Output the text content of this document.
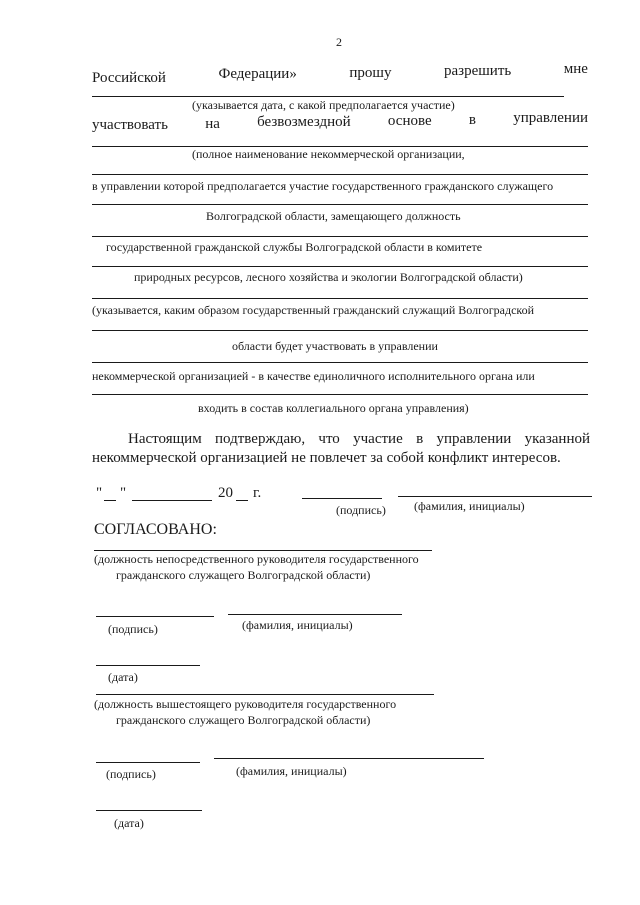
2
Российской	Федерации»	прошу	разрешить	мне
(указывается дата, с какой предполагается участие)
участвовать на безвозмездной основе в управлении
(полное наименование некоммерческой организации,
в управлении которой предполагается участие государственного гражданского служащего
Волгоградской области, замещающего должность
государственной гражданской службы Волгоградской области в комитете
природных ресурсов, лесного хозяйства и экологии Волгоградской области)
(указывается, каким образом государственный гражданский служащий Волгоградской
области будет участвовать в управлении
некоммерческой организацией - в качестве единоличного исполнительного органа или
входить в состав коллегиального органа управления)
Настоящим подтверждаю, что участие в управлении указанной некоммерческой организацией не повлечет за собой конфликт интересов.
" "	20 г.
(подпись) (фамилия, инициалы)
СОГЛАСОВАНО:
(должность непосредственного руководителя государственного
гражданского служащего Волгоградской области)
(подпись)	(фамилия, инициалы)
(дата)
(должность вышестоящего руководителя государственного
гражданского служащего Волгоградской области)
(подпись)	(фамилия, инициалы)
(дата)
